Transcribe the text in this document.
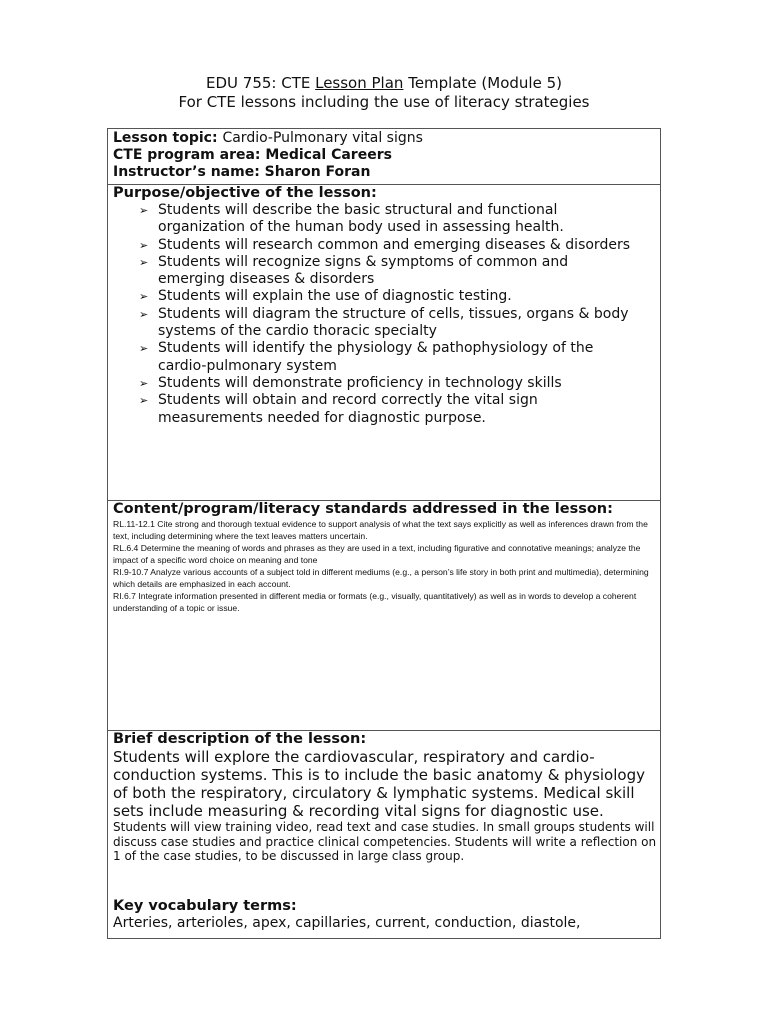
EDU 755: CTE Lesson Plan Template (Module 5)
For CTE lessons including the use of literacy strategies
Lesson topic: Cardio-Pulmonary vital signs
CTE program area: Medical Careers
Instructor’s name: Sharon Foran
Purpose/objective of the lesson:
➢ Students will describe the basic structural and functional organization of the human body used in assessing health.
➢ Students will research common and emerging diseases & disorders
➢ Students will recognize signs & symptoms of common and emerging diseases & disorders
➢ Students will explain the use of diagnostic testing.
➢ Students will diagram the structure of cells, tissues, organs & body systems of the cardio thoracic specialty
➢ Students will identify the physiology & pathophysiology of the cardio-pulmonary system
➢ Students will demonstrate proficiency in technology skills
➢ Students will obtain and record correctly the vital sign measurements needed for diagnostic purpose.
Content/program/literacy standards addressed in the lesson:

RL.11-12.1 Cite strong and thorough textual evidence to support analysis of what the text says explicitly as well as inferences drawn from the text, including determining where the text leaves matters uncertain.

RL.6.4 Determine the meaning of words and phrases as they are used in a text, including figurative and connotative meanings; analyze the impact of a specific word choice on meaning and tone

RI.9-10.7 Analyze various accounts of a subject told in different mediums (e.g., a person’s life story in both print and multimedia), determining which details are emphasized in each account.

RI.6.7 Integrate information presented in different media or formats (e.g., visually, quantitatively) as well as in words to develop a coherent understanding of a topic or issue.

Brief description of the lesson:
Students will explore the cardiovascular, respiratory and cardio-conduction systems. This is to include the basic anatomy & physiology of both the respiratory, circulatory & lymphatic systems. Medical skill sets include measuring & recording vital signs for diagnostic use.
Students will view training video, read text and case studies. In small groups students will discuss case studies and practice clinical competencies. Students will write a reflection on 1 of the case studies, to be discussed in large class group.
Key vocabulary terms:
Arteries, arterioles, apex, capillaries, current, conduction, diastole,
